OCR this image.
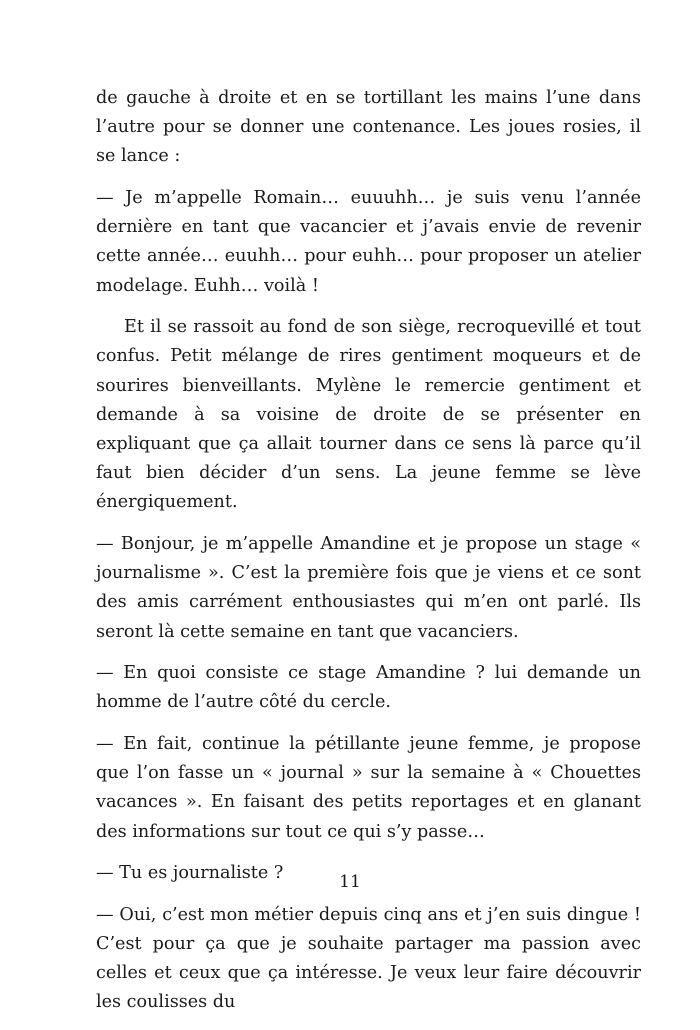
de gauche à droite et en se tortillant les mains l’une dans l’autre pour se donner une contenance. Les joues rosies, il se lance :

— Je m’appelle Romain… euuuhh… je suis venu l’année dernière en tant que vacancier et j’avais envie de revenir cette année… euuhh… pour euhh… pour proposer un atelier modelage. Euhh… voilà !

Et il se rassoit au fond de son siège, recroquevillé et tout confus. Petit mélange de rires gentiment moqueurs et de sourires bienveillants. Mylène le remercie gentiment et demande à sa voisine de droite de se présenter en expliquant que ça allait tourner dans ce sens là parce qu’il faut bien décider d’un sens. La jeune femme se lève énergiquement.

— Bonjour, je m’appelle Amandine et je propose un stage « journalisme ». C’est la première fois que je viens et ce sont des amis carrément enthousiastes qui m’en ont parlé. Ils seront là cette semaine en tant que vacanciers.

— En quoi consiste ce stage Amandine ? lui demande un homme de l’autre côté du cercle.

— En fait, continue la pétillante jeune femme, je propose que l’on fasse un « journal » sur la semaine à « Chouettes vacances ». En faisant des petits reportages et en glanant des informations sur tout ce qui s’y passe…

— Tu es journaliste ?

— Oui, c’est mon métier depuis cinq ans et j’en suis dingue ! C’est pour ça que je souhaite partager ma passion avec celles et ceux que ça intéresse. Je veux leur faire découvrir les coulisses du

11
